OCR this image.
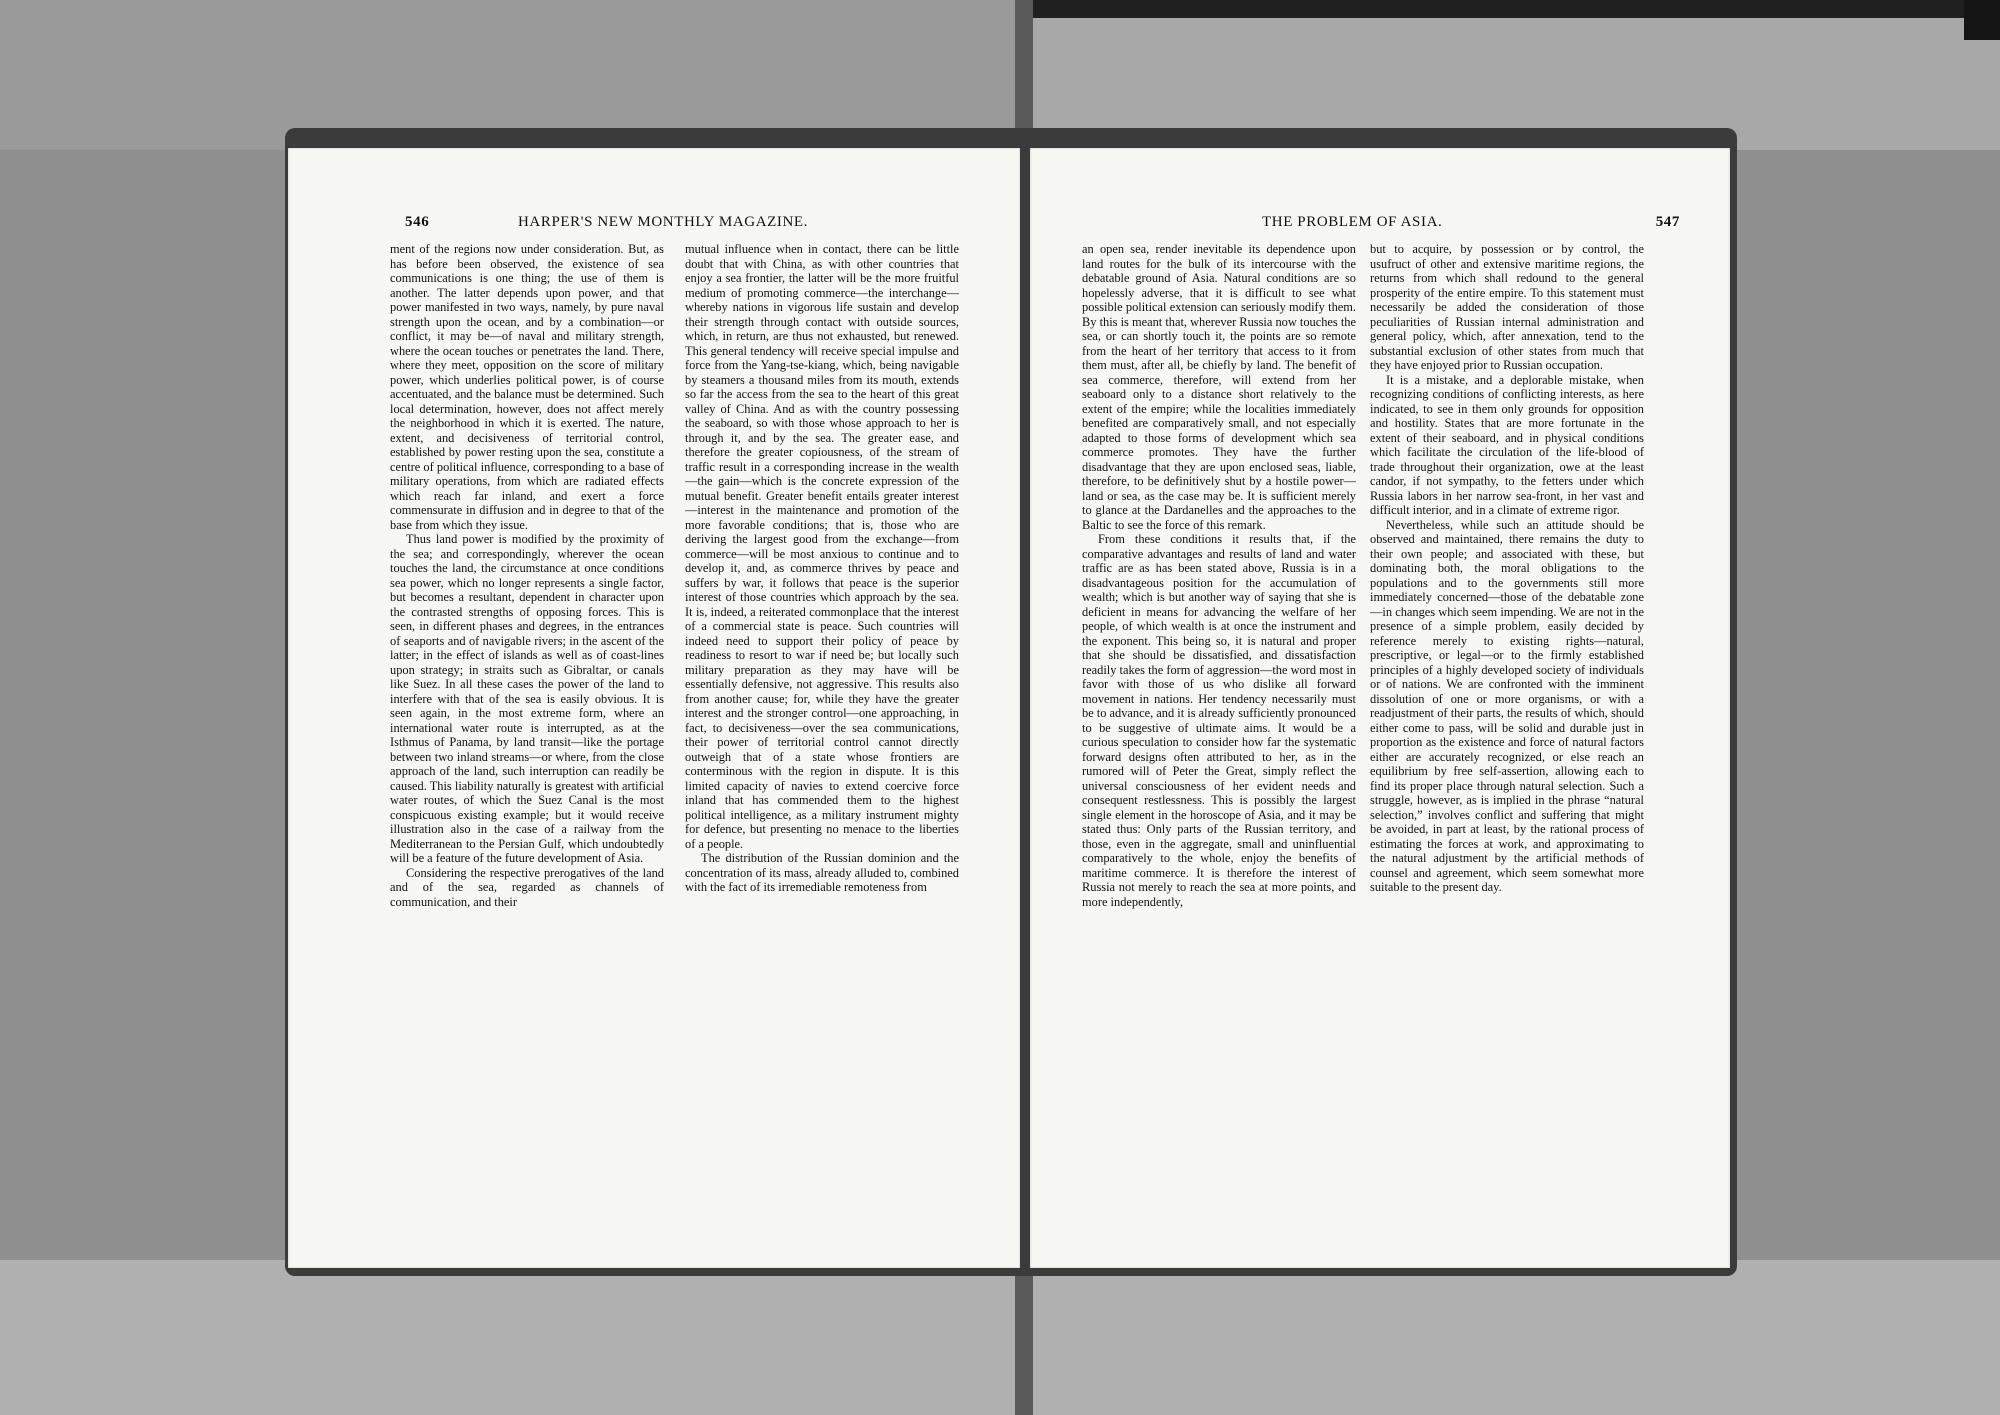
546	HARPER'S NEW MONTHLY MAGAZINE.

ment of the regions now under consideration. But, as has before been observed, the existence of sea communications is one thing; the use of them is another. The latter depends upon power, and that power manifested in two ways, namely, by pure naval strength upon the ocean, and by a combination—or conflict, it may be—of naval and military strength, where the ocean touches or penetrates the land. There, where they meet, opposition on the score of military power, which underlies political power, is of course accentuated, and the balance must be determined. Such local determination, however, does not affect merely the neighborhood in which it is exerted. The nature, extent, and decisiveness of territorial control, established by power resting upon the sea, constitute a centre of political influence, corresponding to a base of military operations, from which are radiated effects which reach far inland, and exert a force commensurate in diffusion and in degree to that of the base from which they issue.

Thus land power is modified by the proximity of the sea; and correspondingly, wherever the ocean touches the land, the circumstance at once conditions sea power, which no longer represents a single factor, but becomes a resultant, dependent in character upon the contrasted strengths of opposing forces. This is seen, in different phases and degrees, in the entrances of seaports and of navigable rivers; in the ascent of the latter; in the effect of islands as well as of coast-lines upon strategy; in straits such as Gibraltar, or canals like Suez. In all these cases the power of the land to interfere with that of the sea is easily obvious. It is seen again, in the most extreme form, where an international water route is interrupted, as at the Isthmus of Panama, by land transit—like the portage between two inland streams—or where, from the close approach of the land, such interruption can readily be caused. This liability naturally is greatest with artificial water routes, of which the Suez Canal is the most conspicuous existing example; but it would receive illustration also in the case of a railway from the Mediterranean to the Persian Gulf, which undoubtedly will be a feature of the future development of Asia.

Considering the respective prerogatives of the land and of the sea, regarded as channels of communication, and their

mutual influence when in contact, there can be little doubt that with China, as with other countries that enjoy a sea frontier, the latter will be the more fruitful medium of promoting commerce—the interchange—whereby nations in vigorous life sustain and develop their strength through contact with outside sources, which, in return, are thus not exhausted, but renewed. This general tendency will receive special impulse and force from the Yang-tse-kiang, which, being navigable by steamers a thousand miles from its mouth, extends so far the access from the sea to the heart of this great valley of China. And as with the country possessing the seaboard, so with those whose approach to her is through it, and by the sea. The greater ease, and therefore the greater copiousness, of the stream of traffic result in a corresponding increase in the wealth—the gain—which is the concrete expression of the mutual benefit. Greater benefit entails greater interest—interest in the maintenance and promotion of the more favorable conditions; that is, those who are deriving the largest good from the exchange—from commerce—will be most anxious to continue and to develop it, and, as commerce thrives by peace and suffers by war, it follows that peace is the superior interest of those countries which approach by the sea. It is, indeed, a reiterated commonplace that the interest of a commercial state is peace. Such countries will indeed need to support their policy of peace by readiness to resort to war if need be; but locally such military preparation as they may have will be essentially defensive, not aggressive. This results also from another cause; for, while they have the greater interest and the stronger control—one approaching, in fact, to decisiveness—over the sea communications, their power of territorial control cannot directly outweigh that of a state whose frontiers are conterminous with the region in dispute. It is this limited capacity of navies to extend coercive force inland that has commended them to the highest political intelligence, as a military instrument mighty for defence, but presenting no menace to the liberties of a people.

The distribution of the Russian dominion and the concentration of its mass, already alluded to, combined with the fact of its irremediable remoteness from

THE PROBLEM OF ASIA.	547

an open sea, render inevitable its dependence upon land routes for the bulk of its intercourse with the debatable ground of Asia. Natural conditions are so hopelessly adverse, that it is difficult to see what possible political extension can seriously modify them. By this is meant that, wherever Russia now touches the sea, or can shortly touch it, the points are so remote from the heart of her territory that access to it from them must, after all, be chiefly by land. The benefit of sea commerce, therefore, will extend from her seaboard only to a distance short relatively to the extent of the empire; while the localities immediately benefited are comparatively small, and not especially adapted to those forms of development which sea commerce promotes. They have the further disadvantage that they are upon enclosed seas, liable, therefore, to be definitively shut by a hostile power—land or sea, as the case may be. It is sufficient merely to glance at the Dardanelles and the approaches to the Baltic to see the force of this remark.

From these conditions it results that, if the comparative advantages and results of land and water traffic are as has been stated above, Russia is in a disadvantageous position for the accumulation of wealth; which is but another way of saying that she is deficient in means for advancing the welfare of her people, of which wealth is at once the instrument and the exponent. This being so, it is natural and proper that she should be dissatisfied, and dissatisfaction readily takes the form of aggression—the word most in favor with those of us who dislike all forward movement in nations. Her tendency necessarily must be to advance, and it is already sufficiently pronounced to be suggestive of ultimate aims. It would be a curious speculation to consider how far the systematic forward designs often attributed to her, as in the rumored will of Peter the Great, simply reflect the universal consciousness of her evident needs and consequent restlessness. This is possibly the largest single element in the horoscope of Asia, and it may be stated thus: Only parts of the Russian territory, and those, even in the aggregate, small and uninfluential comparatively to the whole, enjoy the benefits of maritime commerce. It is therefore the interest of Russia not merely to reach the sea at more points, and more independently,

but to acquire, by possession or by control, the usufruct of other and extensive maritime regions, the returns from which shall redound to the general prosperity of the entire empire. To this statement must necessarily be added the consideration of those peculiarities of Russian internal administration and general policy, which, after annexation, tend to the substantial exclusion of other states from much that they have enjoyed prior to Russian occupation.

It is a mistake, and a deplorable mistake, when recognizing conditions of conflicting interests, as here indicated, to see in them only grounds for opposition and hostility. States that are more fortunate in the extent of their seaboard, and in physical conditions which facilitate the circulation of the life-blood of trade throughout their organization, owe at the least candor, if not sympathy, to the fetters under which Russia labors in her narrow sea-front, in her vast and difficult interior, and in a climate of extreme rigor.

Nevertheless, while such an attitude should be observed and maintained, there remains the duty to their own people; and associated with these, but dominating both, the moral obligations to the populations and to the governments still more immediately concerned—those of the debatable zone—in changes which seem impending. We are not in the presence of a simple problem, easily decided by reference merely to existing rights—natural, prescriptive, or legal—or to the firmly established principles of a highly developed society of individuals or of nations. We are confronted with the imminent dissolution of one or more organisms, or with a readjustment of their parts, the results of which, should either come to pass, will be solid and durable just in proportion as the existence and force of natural factors either are accurately recognized, or else reach an equilibrium by free self-assertion, allowing each to find its proper place through natural selection. Such a struggle, however, as is implied in the phrase “natural selection,” involves conflict and suffering that might be avoided, in part at least, by the rational process of estimating the forces at work, and approximating to the natural adjustment by the artificial methods of counsel and agreement, which seem somewhat more suitable to the present day.
